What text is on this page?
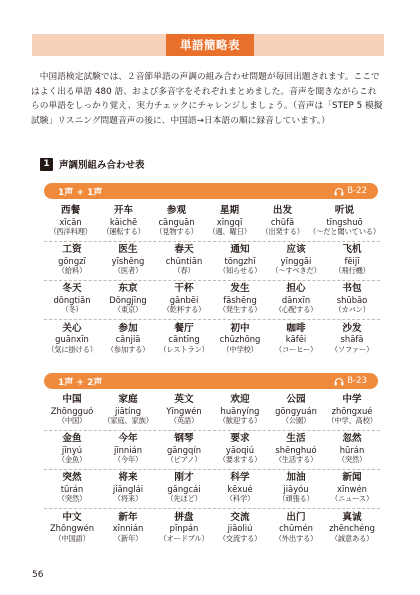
単語簡略表

中国語検定試験では、２音節単語の声調の組み合わせ問題が毎回出題されます。ここではよく出る単語 480 語、および多音字をそれぞれまとめました。音声を聞きながらこれらの単語をしっかり覚え、実力チェックにチャレンジしましょう。（音声は「STEP 5 模擬試験」リスニング問題音声の後に、中国語→日本語の順に録音しています。）

1 声調別組み合わせ表
1声 + 1声	B-22
西餐
xīcān
（西洋料理）
开车
kāichē
（運転する）
参观
cānguān
（見物する）
星期
xīngqī
（週、曜日）
出发
chūfā
（出発する）
听说
tīngshuō
（〜だと聞いている）
工资
gōngzī
（給料）
医生
yīshēng
（医者）
春天
chūntiān
（春）
通知
tōngzhī
（知らせる）
应该
yīnggāi
（〜すべきだ）
飞机
fēijī
（飛行機）
冬天
dōngtiān
（冬）
东京
Dōngjīng
（東京）
干杯
gānbēi
（乾杯する）
发生
fāshēng
（発生する）
担心
dānxīn
（心配する）
书包
shūbāo
（カバン）
关心
guānxīn
（気に掛ける）
参加
cānjiā
（参加する）
餐厅
cāntīng
（レストラン）
初中
chūzhōng
（中学校）
咖啡
kāfēi
（コーヒー）
沙发
shāfā
（ソファー）
1声 + 2声	B-23
中国
Zhōngguó
（中国）
家庭
jiātíng
（家庭、家族）
英文
Yīngwén
（英語）
欢迎
huānyíng
（歓迎する）
公园
gōngyuán
（公園）
中学
zhōngxué
（中学、高校）
金鱼
jīnyú
（金魚）
今年
jīnnián
（今年）
钢琴
gāngqín
（ピアノ）
要求
yāoqiú
（要求する）
生活
shēnghuó
（生活する）
忽然
hūrán
（突然）
突然
tūrán
（突然）
将来
jiānglái
（将来）
刚才
gāngcái
（先ほど）
科学
kēxué
（科学）
加油
jiāyóu
（頑張る）
新闻
xīnwén
（ニュース）
中文
Zhōngwén
（中国語）
新年
xīnnián
（新年）
拼盘
pīnpán
（オードブル）
交流
jiāoliú
（交流する）
出门
chūmén
（外出する）
真诚
zhēnchéng
（誠意ある）
56
